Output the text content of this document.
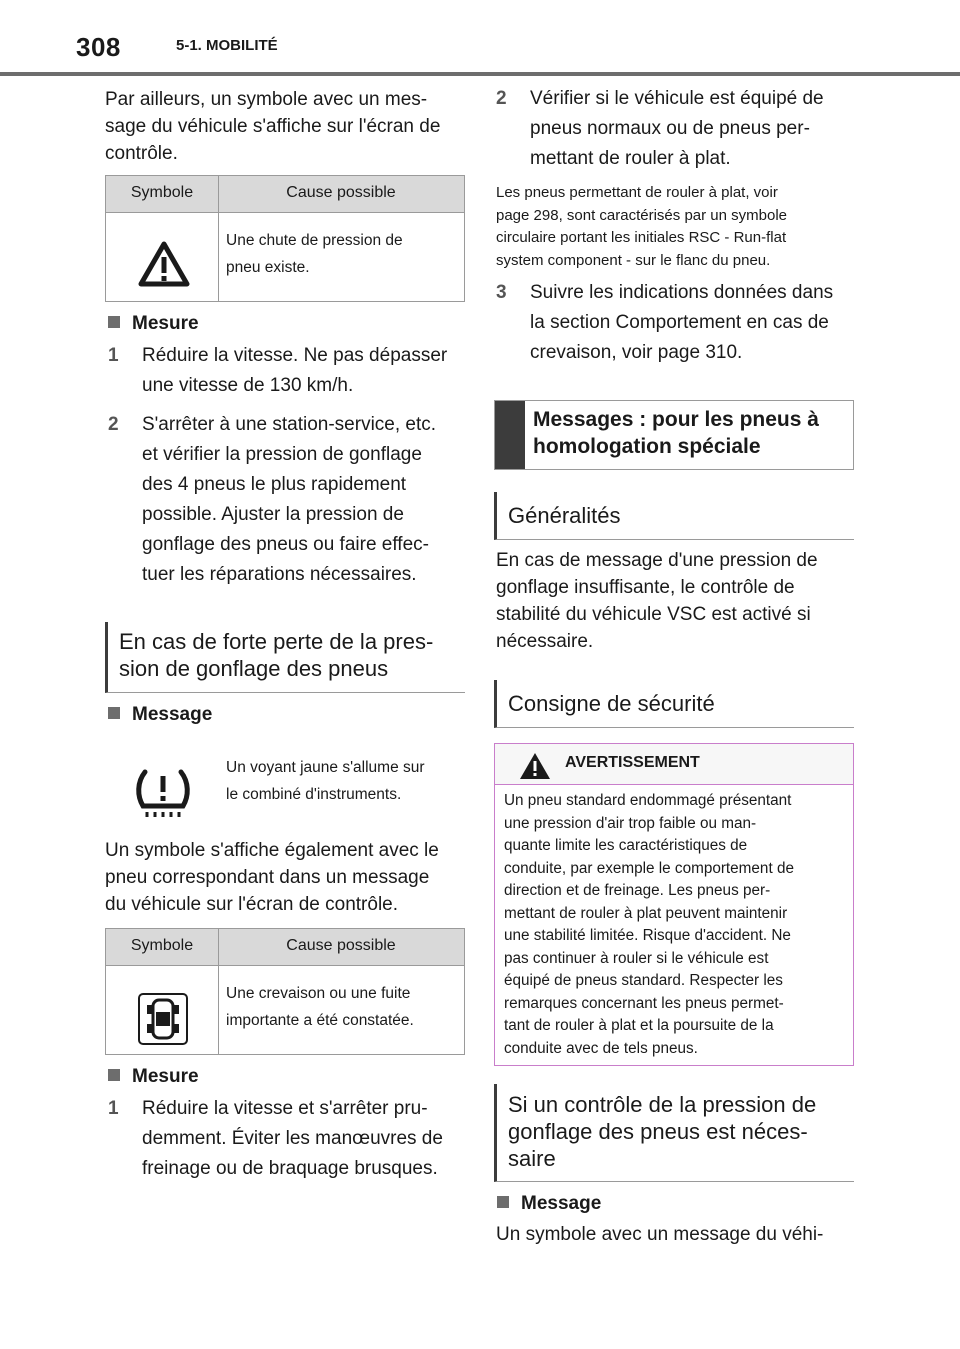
308	5-1. MOBILITÉ

Par ailleurs, un symbole avec un mes-
sage du véhicule s'affiche sur l'écran de
contrôle.

Symbole	Cause possible
Une chute de pression de
pneu existe.
Mesure
1 Réduire la vitesse. Ne pas dépasser
une vitesse de 130 km/h.
2 S'arrêter à une station-service, etc.
et vérifier la pression de gonflage
des 4 pneus le plus rapidement
possible. Ajuster la pression de
gonflage des pneus ou faire effec-
tuer les réparations nécessaires.
En cas de forte perte de la pres-
sion de gonflage des pneus
Message
Un voyant jaune s'allume sur
le combiné d'instruments.

Un symbole s'affiche également avec le
pneu correspondant dans un message
du véhicule sur l'écran de contrôle.

Symbole	Cause possible
Une crevaison ou une fuite
importante a été constatée.
Mesure
1 Réduire la vitesse et s'arrêter pru-
demment. Éviter les manœuvres de
freinage ou de braquage brusques.
2 Vérifier si le véhicule est équipé de
pneus normaux ou de pneus per-
mettant de rouler à plat.

Les pneus permettant de rouler à plat, voir
page 298, sont caractérisés par un symbole
circulaire portant les initiales RSC - Run-flat
system component - sur le flanc du pneu.

3 Suivre les indications données dans
la section Comportement en cas de
crevaison, voir page 310.
Messages : pour les pneus à
homologation spéciale
Généralités

En cas de message d'une pression de
gonflage insuffisante, le contrôle de
stabilité du véhicule VSC est activé si
nécessaire.

Consigne de sécurité
AVERTISSEMENT
Un pneu standard endommagé présentant
une pression d'air trop faible ou man-
quante limite les caractéristiques de
conduite, par exemple le comportement de
direction et de freinage. Les pneus per-
mettant de rouler à plat peuvent maintenir
une stabilité limitée. Risque d'accident. Ne
pas continuer à rouler si le véhicule est
équipé de pneus standard. Respecter les
remarques concernant les pneus permet-
tant de rouler à plat et la poursuite de la
conduite avec de tels pneus.
Si un contrôle de la pression de
gonflage des pneus est néces-
saire
Message

Un symbole avec un message du véhi-
